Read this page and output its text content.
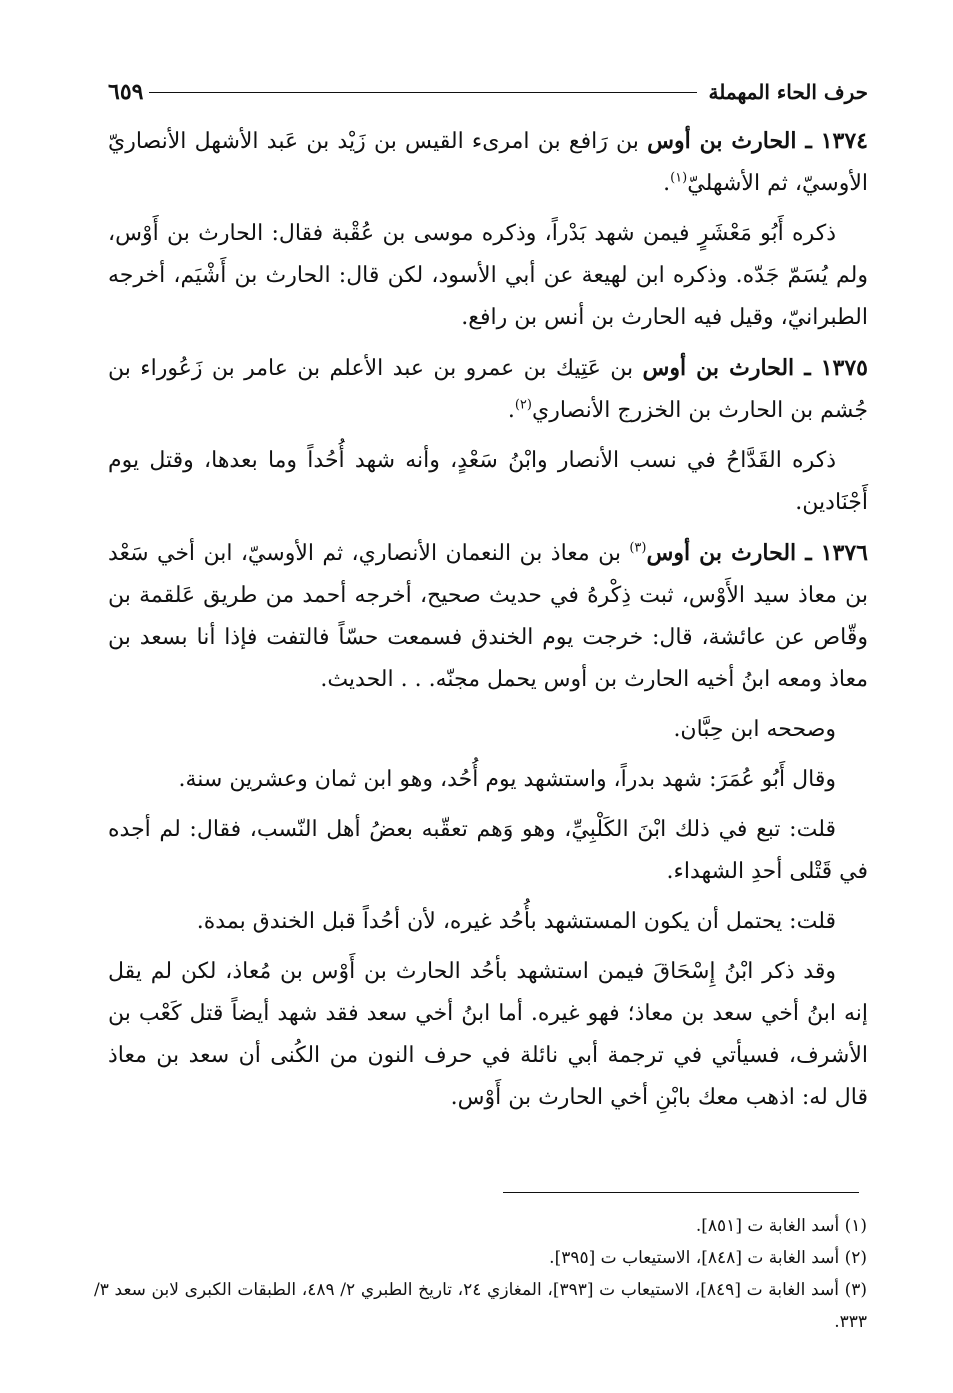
حرف الحاء المهملة
٦٥٩

١٣٧٤ ـ الحارث بن أوس بن رَافع بن امرىء القيس بن زَيْد بن عَبد الأشهل الأنصاريّ الأوسيّ، ثم الأشهليّ$^{(١)}$.

ذكره أَبُو مَعْشَرٍ فيمن شهد بَدْراً، وذكره موسى بن عُقْبة فقال: الحارث بن أَوْس، ولم يُسَمّ جَدّه. وذكره ابن لهيعة عن أبي الأسود، لكن قال: الحارث بن أَشْيَم، أخرجه الطبرانيّ، وقيل فيه الحارث بن أنس بن رافع.

١٣٧٥ ـ الحارث بن أوس بن عَتِيك بن عمرو بن عبد الأعلم بن عامر بن زَعُوراء بن جُشم بن الحارث بن الخزرج الأنصاري$^{(٢)}$.

ذكره القَدَّاحُ في نسب الأنصار وابْنُ سَعْدٍ، وأنه شهد أُحُداً وما بعدها، وقتل يوم أَجْنَادين.

١٣٧٦ ـ الحارث بن أوس$^{(٣)}$ بن معاذ بن النعمان الأنصاري، ثم الأوسيّ، ابن أخي سَعْد بن معاذ سيد الأَوْس، ثبت ذِكْرهُ في حديث صحيح، أخرجه أحمد من طريق عَلقمة بن وقّاص عن عائشة، قال: خرجت يوم الخندق فسمعت حسّاً فالتفت فإذا أنا بسعد بن معاذ ومعه ابنُ أخيه الحارث بن أوس يحمل مجنّه. . . الحديث.

وصححه ابن حِبَّان.

وقال أَبُو عُمَرَ: شهد بدراً، واستشهد يوم أُحُد، وهو ابن ثمان وعشرين سنة.

قلت: تبع في ذلك ابْنَ الكَلْبِيِّ، وهو وَهم تعقّبه بعضُ أهل النّسب، فقال: لم أجده في قَتْلى أحدِ الشهداء.

قلت: يحتمل أن يكون المستشهد بأُحُد غيره، لأن أحُداً قبل الخندق بمدة.

وقد ذكر ابْنُ إِسْحَاقَ فيمن استشهد بأحُد الحارث بن أَوْس بن مُعاذ، لكن لم يقل إنه ابنُ أخي سعد بن معاذ؛ فهو غيره. أما ابنُ أخي سعد فقد شهد أيضاً قتل كَعْب بن الأشرف، فسيأتي في ترجمة أبي نائلة في حرف النون من الكُنى أن سعد بن معاذ قال له: اذهب معك بابْنِ أخي الحارث بن أَوْس.

(١) أسد الغابة ت [٨٥١].

(٢) أسد الغابة ت [٨٤٨]، الاستيعاب ت [٣٩٥].

(٣) أسد الغابة ت [٨٤٩]، الاستيعاب ت [٣٩٣]، المغازي ٢٤، تاريخ الطبري ٢/ ٤٨٩، الطبقات الكبرى لابن سعد ٣/ ٣٣٣.
